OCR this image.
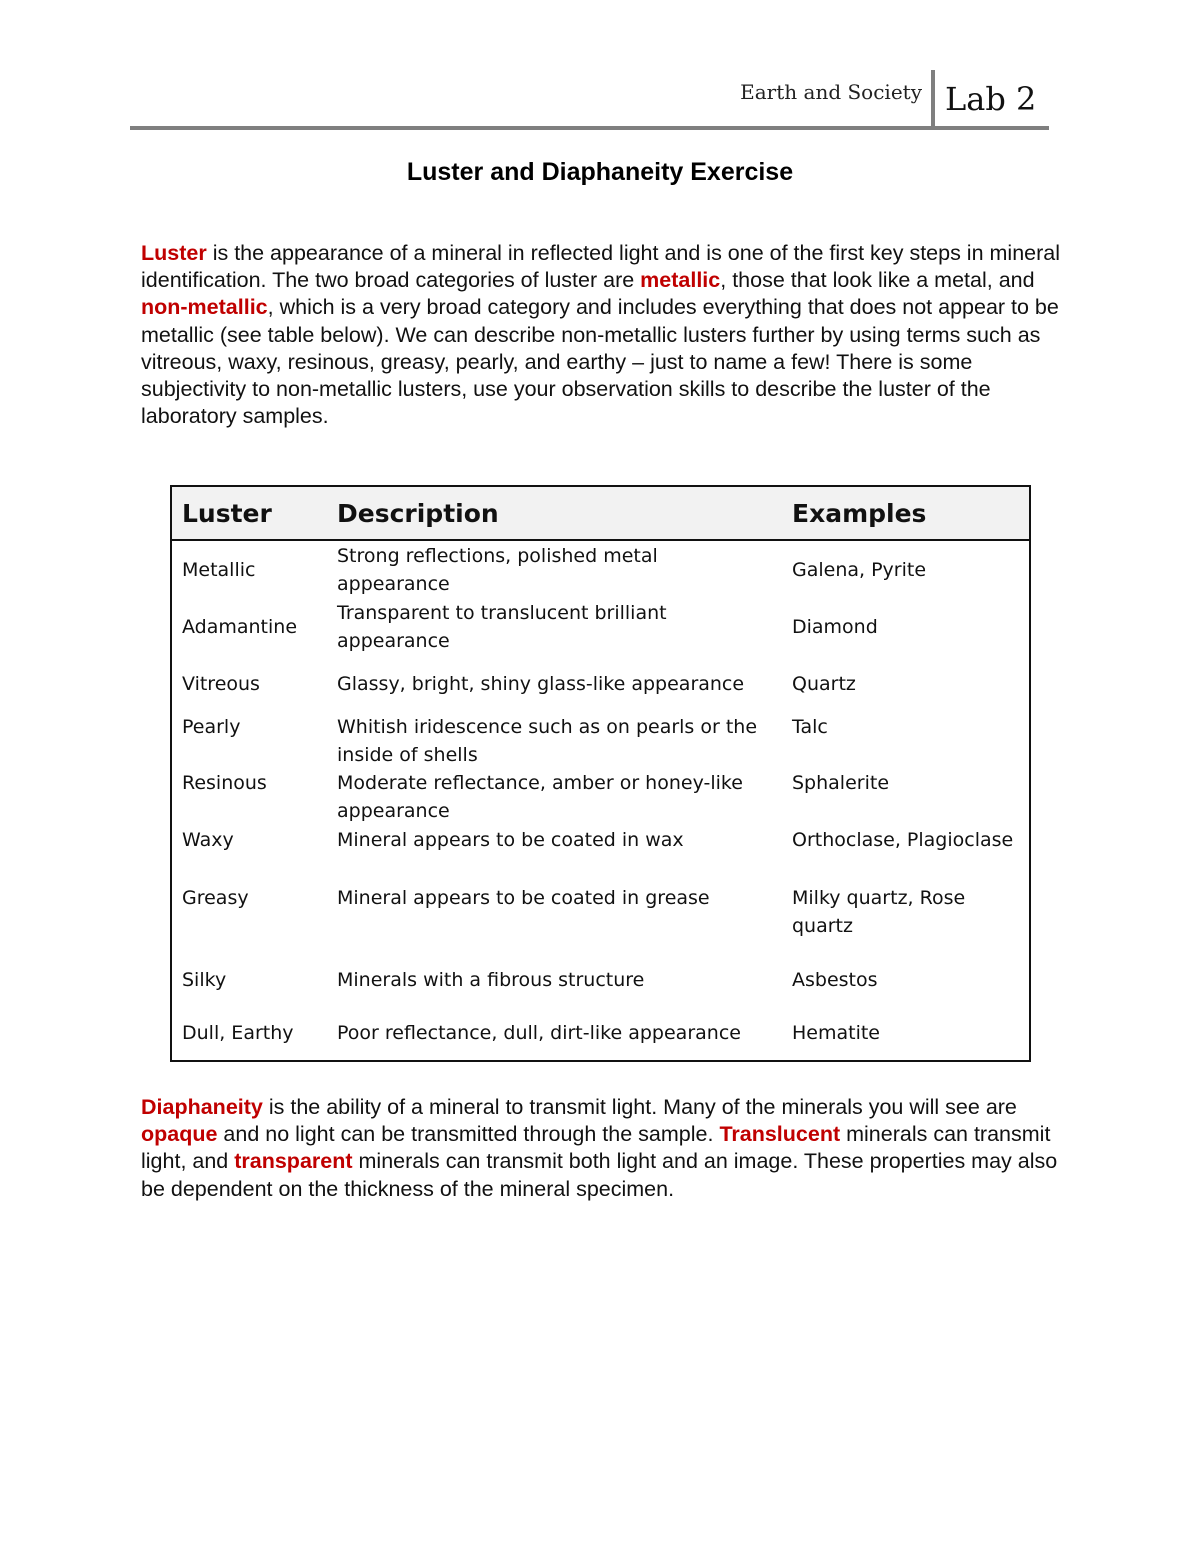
Earth and Society Lab 2
Luster and Diaphaneity Exercise

Luster is the appearance of a mineral in reflected light and is one of the first key steps in mineral identification. The two broad categories of luster are metallic, those that look like a metal, and non-metallic, which is a very broad category and includes everything that does not appear to be metallic (see table below). We can describe non-metallic lusters further by using terms such as vitreous, waxy, resinous, greasy, pearly, and earthy – just to name a few! There is some subjectivity to non-metallic lusters, use your observation skills to describe the luster of the laboratory samples.

Luster	Description	Examples
Metallic	Strong reflections, polished metal appearance	Galena, Pyrite
Adamantine	Transparent to translucent brilliant appearance	Diamond
Vitreous	Glassy, bright, shiny glass-like appearance	Quartz
Pearly	Whitish iridescence such as on pearls or the inside of shells	Talc
Resinous	Moderate reflectance, amber or honey-like appearance	Sphalerite
Waxy	Mineral appears to be coated in wax	Orthoclase, Plagioclase
Greasy	Mineral appears to be coated in grease	Milky quartz, Rose quartz
Silky	Minerals with a fibrous structure	Asbestos
Dull, Earthy	Poor reflectance, dull, dirt-like appearance	Hematite

Diaphaneity is the ability of a mineral to transmit light. Many of the minerals you will see are opaque and no light can be transmitted through the sample. Translucent minerals can transmit light, and transparent minerals can transmit both light and an image. These properties may also be dependent on the thickness of the mineral specimen.
